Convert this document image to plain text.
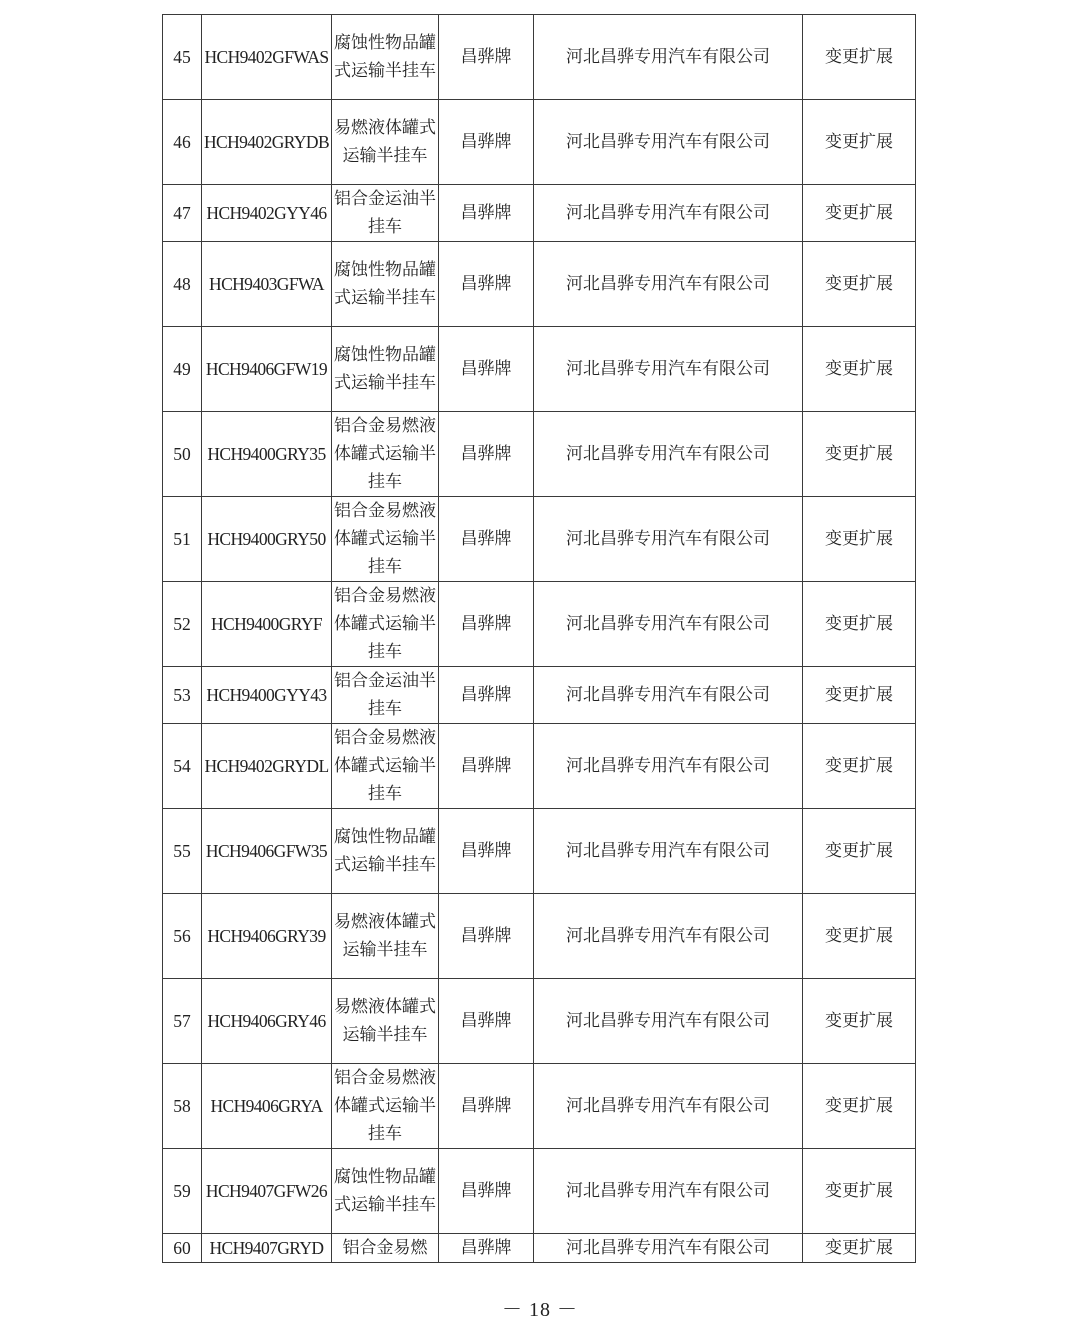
45	HCH9402GFWAS	腐蚀性物品罐式运输半挂车	昌骅牌	河北昌骅专用汽车有限公司	变更扩展
46	HCH9402GRYDB	易燃液体罐式运输半挂车	昌骅牌	河北昌骅专用汽车有限公司	变更扩展
47	HCH9402GYY46	铝合金运油半挂车	昌骅牌	河北昌骅专用汽车有限公司	变更扩展
48	HCH9403GFWA	腐蚀性物品罐式运输半挂车	昌骅牌	河北昌骅专用汽车有限公司	变更扩展
49	HCH9406GFW19	腐蚀性物品罐式运输半挂车	昌骅牌	河北昌骅专用汽车有限公司	变更扩展
50	HCH9400GRY35	铝合金易燃液体罐式运输半挂车	昌骅牌	河北昌骅专用汽车有限公司	变更扩展
51	HCH9400GRY50	铝合金易燃液体罐式运输半挂车	昌骅牌	河北昌骅专用汽车有限公司	变更扩展
52	HCH9400GRYF	铝合金易燃液体罐式运输半挂车	昌骅牌	河北昌骅专用汽车有限公司	变更扩展
53	HCH9400GYY43	铝合金运油半挂车	昌骅牌	河北昌骅专用汽车有限公司	变更扩展
54	HCH9402GRYDL	铝合金易燃液体罐式运输半挂车	昌骅牌	河北昌骅专用汽车有限公司	变更扩展
55	HCH9406GFW35	腐蚀性物品罐式运输半挂车	昌骅牌	河北昌骅专用汽车有限公司	变更扩展
56	HCH9406GRY39	易燃液体罐式运输半挂车	昌骅牌	河北昌骅专用汽车有限公司	变更扩展
57	HCH9406GRY46	易燃液体罐式运输半挂车	昌骅牌	河北昌骅专用汽车有限公司	变更扩展
58	HCH9406GRYA	铝合金易燃液体罐式运输半挂车	昌骅牌	河北昌骅专用汽车有限公司	变更扩展
59	HCH9407GFW26	腐蚀性物品罐式运输半挂车	昌骅牌	河北昌骅专用汽车有限公司	变更扩展
60	HCH9407GRYD	铝合金易燃	昌骅牌	河北昌骅专用汽车有限公司	变更扩展
－ 18 －
